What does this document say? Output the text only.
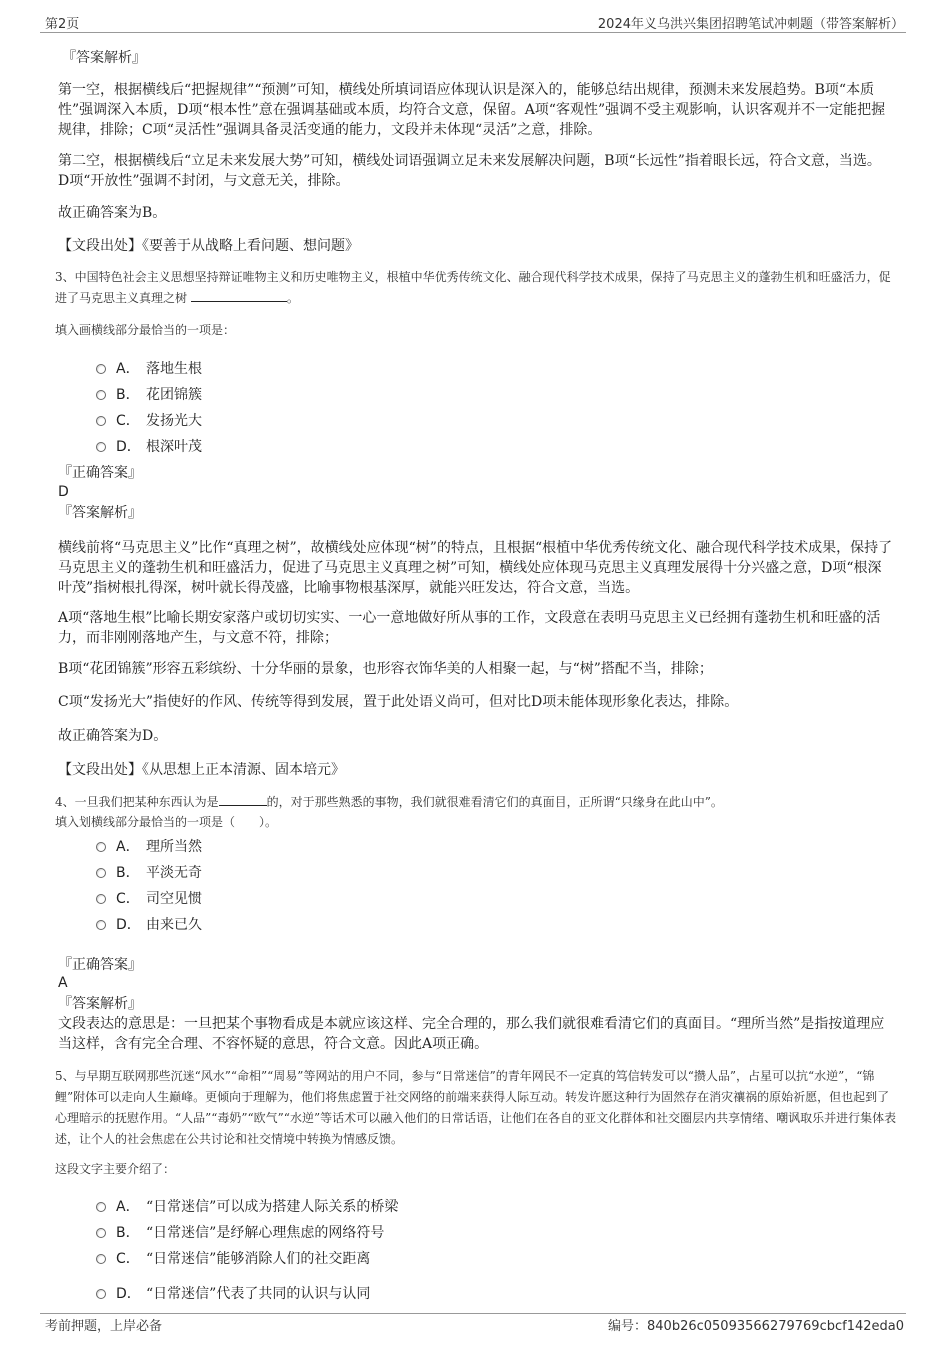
第2页	2024年义乌洪兴集团招聘笔试冲刺题（带答案解析）
『答案解析』
第一空，根据横线后“把握规律”“预测”可知，横线处所填词语应体现认识是深入的，能够总结出规律，预测未来发展趋势。B项“本质性”强调深入本质，D项“根本性”意在强调基础或本质，均符合文意，保留。A项“客观性”强调不受主观影响，认识客观并不一定能把握规律，排除；C项“灵活性”强调具备灵活变通的能力，文段并未体现“灵活”之意，排除。
第二空，根据横线后“立足未来发展大势”可知，横线处词语强调立足未来发展解决问题，B项“长远性”指着眼长远，符合文意，当选。D项“开放性”强调不封闭，与文意无关，排除。
故正确答案为B。
【文段出处】《要善于从战略上看问题、想问题》
3、中国特色社会主义思想坚持辩证唯物主义和历史唯物主义，根植中华优秀传统文化、融合现代科学技术成果，保持了马克思主义的蓬勃生机和旺盛活力，促进了马克思主义真理之树	。
填入画横线部分最恰当的一项是：
A． 落地生根
B． 花团锦簇
C． 发扬光大
D． 根深叶茂
『正确答案』
D
『答案解析』
横线前将“马克思主义”比作“真理之树”，故横线处应体现“树”的特点，且根据“根植中华优秀传统文化、融合现代科学技术成果，保持了马克思主义的蓬勃生机和旺盛活力，促进了马克思主义真理之树”可知，横线处应体现马克思主义真理发展得十分兴盛之意，D项“根深叶茂”指树根扎得深，树叶就长得茂盛，比喻事物根基深厚，就能兴旺发达，符合文意，当选。
A项“落地生根”比喻长期安家落户或切切实实、一心一意地做好所从事的工作，文段意在表明马克思主义已经拥有蓬勃生机和旺盛的活力，而非刚刚落地产生，与文意不符，排除；
B项“花团锦簇”形容五彩缤纷、十分华丽的景象，也形容衣饰华美的人相聚一起，与“树”搭配不当，排除；
C项“发扬光大”指使好的作风、传统等得到发展，置于此处语义尚可，但对比D项未能体现形象化表达，排除。
故正确答案为D。
【文段出处】《从思想上正本清源、固本培元》
4、一旦我们把某种东西认为是	的，对于那些熟悉的事物，我们就很难看清它们的真面目，正所谓“只缘身在此山中”。
填入划横线部分最恰当的一项是（　　）。
A． 理所当然
B． 平淡无奇
C． 司空见惯
D． 由来已久
『正确答案』
A
『答案解析』
文段表达的意思是：一旦把某个事物看成是本就应该这样、完全合理的，那么我们就很难看清它们的真面目。“理所当然”是指按道理应当这样，含有完全合理、不容怀疑的意思，符合文意。因此A项正确。
5、与早期互联网那些沉迷“风水”“命相”“周易”等网站的用户不同，参与“日常迷信”的青年网民不一定真的笃信转发可以“攒人品”，占星可以抗“水逆”，“锦鲤”附体可以走向人生巅峰。更倾向于理解为，他们将焦虑置于社交网络的前端来获得人际互动。转发许愿这种行为固然存在消灾禳祸的原始祈愿，但也起到了心理暗示的抚慰作用。“人品”“毒奶”“欧气”“水逆”等话术可以融入他们的日常话语，让他们在各自的亚文化群体和社交圈层内共享情绪、嘲讽取乐并进行集体表述，让个人的社会焦虑在公共讨论和社交情境中转换为情感反馈。
这段文字主要介绍了：
A． “日常迷信”可以成为搭建人际关系的桥梁
B． “日常迷信”是纾解心理焦虑的网络符号
C． “日常迷信”能够消除人们的社交距离
D． “日常迷信”代表了共同的认识与认同
考前押题，上岸必备	编号：840b26c05093566279769cbcf142eda0
